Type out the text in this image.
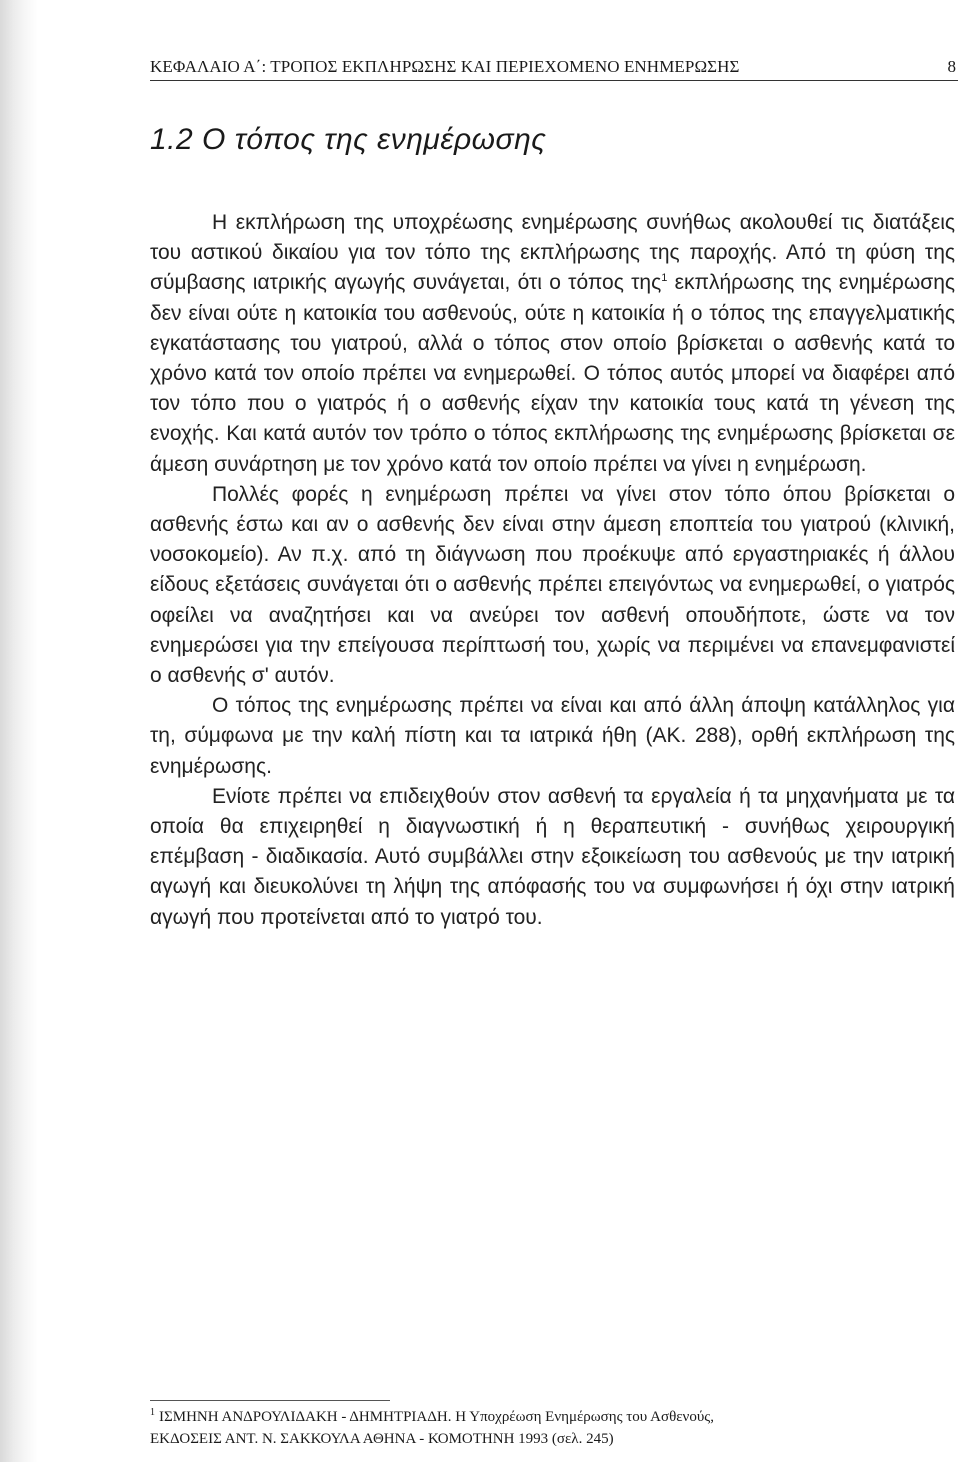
ΚΕΦΑΛΑΙΟ Α΄: ΤΡΟΠΟΣ ΕΚΠΛΗΡΩΣΗΣ ΚΑΙ ΠΕΡΙΕΧΟΜΕΝΟ ΕΝΗΜΕΡΩΣΗΣ	8
1.2 Ο τόπος της ενημέρωσης

Η εκπλήρωση της υποχρέωσης ενημέρωσης συνήθως ακολουθεί τις διατάξεις του αστικού δικαίου για τον τόπο της εκπλήρωσης της παροχής. Από τη φύση της σύμβασης ιατρικής αγωγής συνάγεται, ότι ο τόπος της$^1$ εκπλήρωσης της ενημέρωσης δεν είναι ούτε η κατοικία του ασθενούς, ούτε η κατοικία ή ο τόπος της επαγγελματικής εγκατάστασης του γιατρού, αλλά ο τόπος στον οποίο βρίσκεται ο ασθενής κατά το χρόνο κατά τον οποίο πρέπει να ενημερωθεί. Ο τόπος αυτός μπορεί να διαφέρει από τον τόπο που ο γιατρός ή ο ασθενής είχαν την κατοικία τους κατά τη γένεση της ενοχής. Και κατά αυτόν τον τρόπο ο τόπος εκπλήρωσης της ενημέρωσης βρίσκεται σε άμεση συνάρτηση με τον χρόνο κατά τον οποίο πρέπει να γίνει η ενημέρωση.

Πολλές φορές η ενημέρωση πρέπει να γίνει στον τόπο όπου βρίσκεται ο ασθενής έστω και αν ο ασθενής δεν είναι στην άμεση εποπτεία του γιατρού (κλινική, νοσοκομείο). Αν π.χ. από τη διάγνωση που προέκυψε από εργαστηριακές ή άλλου είδους εξετάσεις συνάγεται ότι ο ασθενής πρέπει επειγόντως να ενημερωθεί, ο γιατρός οφείλει να αναζητήσει και να ανεύρει τον ασθενή οπουδήποτε, ώστε να τον ενημερώσει για την επείγουσα περίπτωσή του, χωρίς να περιμένει να επανεμφανιστεί ο ασθενής σ' αυτόν.

Ο τόπος της ενημέρωσης πρέπει να είναι και από άλλη άποψη κατάλληλος για τη, σύμφωνα με την καλή πίστη και τα ιατρικά ήθη (ΑΚ. 288), ορθή εκπλήρωση της ενημέρωσης.

Ενίοτε πρέπει να επιδειχθούν στον ασθενή τα εργαλεία ή τα μηχανήματα με τα οποία θα επιχειρηθεί η διαγνωστική ή η θεραπευτική - συνήθως χειρουργική επέμβαση - διαδικασία. Αυτό συμβάλλει στην εξοικείωση του ασθενούς με την ιατρική αγωγή και διευκολύνει τη λήψη της απόφασής του να συμφωνήσει ή όχι στην ιατρική αγωγή που προτείνεται από το γιατρό του.

$^1$ ΙΣΜΗΝΗ ΑΝΔΡΟΥΛΙΔΑΚΗ - ΔΗΜΗΤΡΙΑΔΗ. Η Υποχρέωση Ενημέρωσης του Ασθενούς,
ΕΚΔΟΣΕΙΣ ΑΝΤ. Ν. ΣΑΚΚΟΥΛΑ ΑΘΗΝΑ - ΚΟΜΟΤΗΝΗ 1993 (σελ. 245)
